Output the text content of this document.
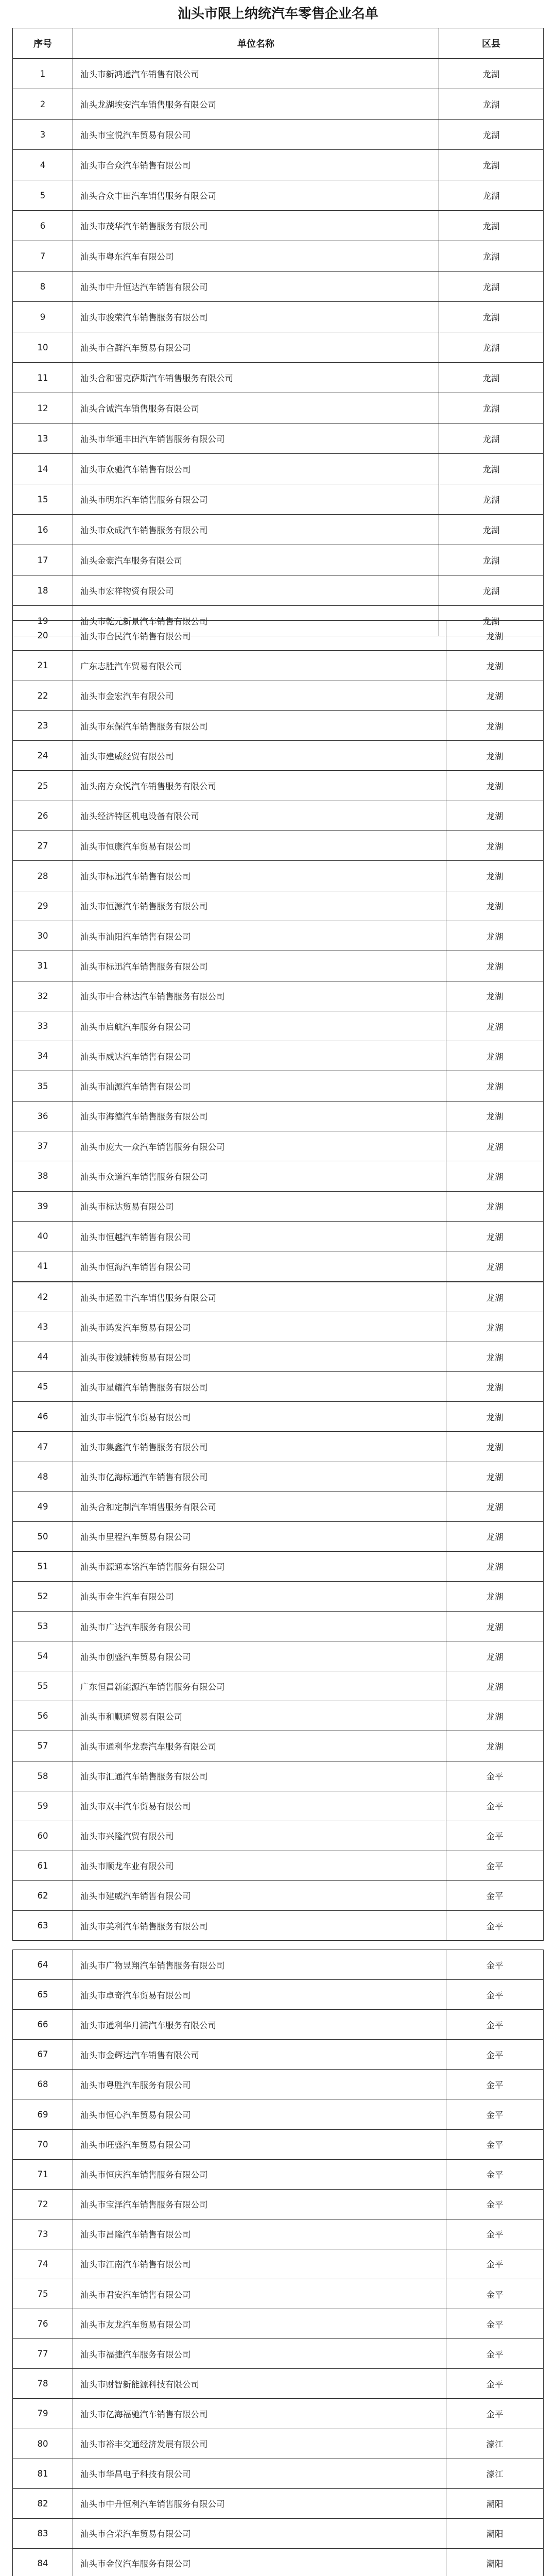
汕头市限上纳统汽车零售企业名单
序号	单位名称	区县
1	汕头市新鸿通汽车销售有限公司	龙湖
2	汕头龙湖埃安汽车销售服务有限公司	龙湖
3	汕头市宝悦汽车贸易有限公司	龙湖
4	汕头市合众汽车销售有限公司	龙湖
5	汕头合众丰田汽车销售服务有限公司	龙湖
6	汕头市茂华汽车销售服务有限公司	龙湖
7	汕头市粤东汽车有限公司	龙湖
8	汕头市中升恒达汽车销售有限公司	龙湖
9	汕头市骏荣汽车销售服务有限公司	龙湖
10	汕头市合群汽车贸易有限公司	龙湖
11	汕头合和雷克萨斯汽车销售服务有限公司	龙湖
12	汕头合诚汽车销售服务有限公司	龙湖
13	汕头市华通丰田汽车销售服务有限公司	龙湖
14	汕头市众驰汽车销售有限公司	龙湖
15	汕头市明东汽车销售服务有限公司	龙湖
16	汕头市众成汽车销售服务有限公司	龙湖
17	汕头金豪汽车服务有限公司	龙湖
18	汕头市宏祥物资有限公司	龙湖
19	汕头市乾元新景汽车销售有限公司	龙湖
20	汕头市合民汽车销售有限公司	龙湖
21	广东志胜汽车贸易有限公司	龙湖
22	汕头市金宏汽车有限公司	龙湖
23	汕头市东保汽车销售服务有限公司	龙湖
24	汕头市建威经贸有限公司	龙湖
25	汕头南方众悦汽车销售服务有限公司	龙湖
26	汕头经济特区机电设备有限公司	龙湖
27	汕头市恒康汽车贸易有限公司	龙湖
28	汕头市标迅汽车销售有限公司	龙湖
29	汕头市恒源汽车销售服务有限公司	龙湖
30	汕头市汕阳汽车销售有限公司	龙湖
31	汕头市标迅汽车销售服务有限公司	龙湖
32	汕头市中合林达汽车销售服务有限公司	龙湖
33	汕头市启航汽车服务有限公司	龙湖
34	汕头市威达汽车销售有限公司	龙湖
35	汕头市汕源汽车销售有限公司	龙湖
36	汕头市海德汽车销售服务有限公司	龙湖
37	汕头市庞大一众汽车销售服务有限公司	龙湖
38	汕头市众道汽车销售服务有限公司	龙湖
39	汕头市标达贸易有限公司	龙湖
40	汕头市恒越汽车销售有限公司	龙湖
41	汕头市恒海汽车销售有限公司	龙湖
42	汕头市通盈丰汽车销售服务有限公司	龙湖
43	汕头市鸿发汽车贸易有限公司	龙湖
44	汕头市俊诚辅转贸易有限公司	龙湖
45	汕头市星耀汽车销售服务有限公司	龙湖
46	汕头市丰悦汽车贸易有限公司	龙湖
47	汕头市集鑫汽车销售服务有限公司	龙湖
48	汕头市亿海标通汽车销售有限公司	龙湖
49	汕头合和定制汽车销售服务有限公司	龙湖
50	汕头市里程汽车贸易有限公司	龙湖
51	汕头市源通本铭汽车销售服务有限公司	龙湖
52	汕头市金生汽车有限公司	龙湖
53	汕头市广达汽车服务有限公司	龙湖
54	汕头市创盛汽车贸易有限公司	龙湖
55	广东恒昌新能源汽车销售服务有限公司	龙湖
56	汕头市和顺通贸易有限公司	龙湖
57	汕头市通利华龙泰汽车服务有限公司	龙湖
58	汕头市汇通汽车销售服务有限公司	金平
59	汕头市双丰汽车贸易有限公司	金平
60	汕头市兴隆汽贸有限公司	金平
61	汕头市顺龙车业有限公司	金平
62	汕头市建威汽车销售有限公司	金平
63	汕头市美利汽车销售服务有限公司	金平
64	汕头市广物昱翔汽车销售服务有限公司	金平
65	汕头市卓奇汽车贸易有限公司	金平
66	汕头市通利华月浦汽车服务有限公司	金平
67	汕头市金辉达汽车销售有限公司	金平
68	汕头市粤胜汽车服务有限公司	金平
69	汕头市恒心汽车贸易有限公司	金平
70	汕头市旺盛汽车贸易有限公司	金平
71	汕头市恒庆汽车销售服务有限公司	金平
72	汕头市宝泽汽车销售服务有限公司	金平
73	汕头市昌隆汽车销售有限公司	金平
74	汕头市江南汽车销售有限公司	金平
75	汕头市君安汽车销售有限公司	金平
76	汕头市友龙汽车贸易有限公司	金平
77	汕头市福捷汽车服务有限公司	金平
78	汕头市财智新能源科技有限公司	金平
79	汕头市亿海福驰汽车销售有限公司	金平
80	汕头市裕丰交通经济发展有限公司	濠江
81	汕头市华昌电子科技有限公司	濠江
82	汕头市中升恒利汽车销售服务有限公司	潮阳
83	汕头市合荣汽车贸易有限公司	潮阳
84	汕头市金仪汽车服务有限公司	潮阳
